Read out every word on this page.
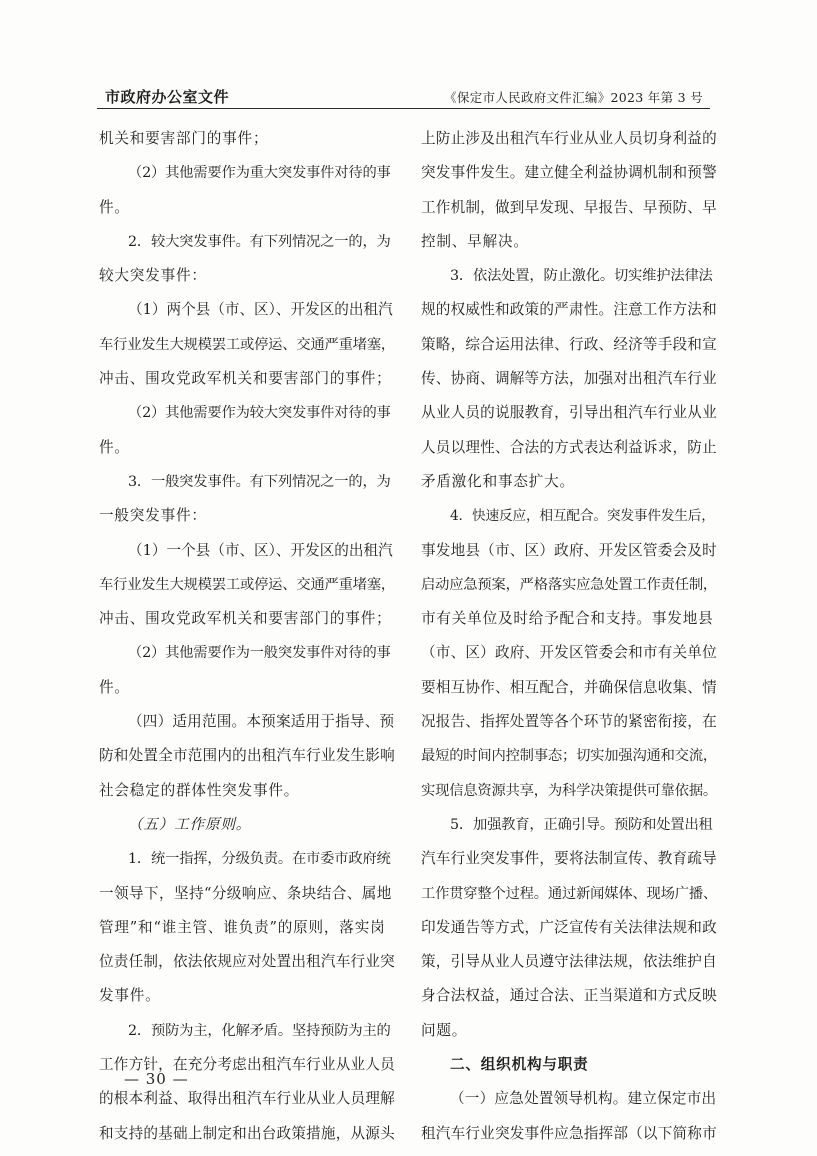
市政府办公室文件	《保定市人民政府文件汇编》2023 年第 3 号
机关和要害部门的事件；
（2）其他需要作为重大突发事件对待的事
件。
2．较大突发事件。有下列情况之一的，为
较大突发事件：
（1）两个县（市、区）、开发区的出租汽
车行业发生大规模罢工或停运、交通严重堵塞，
冲击、围攻党政军机关和要害部门的事件；
（2）其他需要作为较大突发事件对待的事
件。
3．一般突发事件。有下列情况之一的，为
一般突发事件：
（1）一个县（市、区）、开发区的出租汽
车行业发生大规模罢工或停运、交通严重堵塞，
冲击、围攻党政军机关和要害部门的事件；
（2）其他需要作为一般突发事件对待的事
件。
（四）适用范围。本预案适用于指导、预
防和处置全市范围内的出租汽车行业发生影响
社会稳定的群体性突发事件。
（五）工作原则。
1．统一指挥，分级负责。在市委市政府统
一领导下，坚持“分级响应、条块结合、属地
管理”和“谁主管、谁负责”的原则，落实岗
位责任制，依法依规应对处置出租汽车行业突
发事件。
2．预防为主，化解矛盾。坚持预防为主的
工作方针，在充分考虑出租汽车行业从业人员
的根本利益、取得出租汽车行业从业人员理解
和支持的基础上制定和出台政策措施，从源头
上防止涉及出租汽车行业从业人员切身利益的
突发事件发生。建立健全利益协调机制和预警
工作机制，做到早发现、早报告、早预防、早
控制、早解决。
3．依法处置，防止激化。切实维护法律法
规的权威性和政策的严肃性。注意工作方法和
策略，综合运用法律、行政、经济等手段和宣
传、协商、调解等方法，加强对出租汽车行业
从业人员的说服教育，引导出租汽车行业从业
人员以理性、合法的方式表达利益诉求，防止
矛盾激化和事态扩大。
4．快速反应，相互配合。突发事件发生后，
事发地县（市、区）政府、开发区管委会及时
启动应急预案，严格落实应急处置工作责任制，
市有关单位及时给予配合和支持。事发地县
（市、区）政府、开发区管委会和市有关单位
要相互协作、相互配合，并确保信息收集、情
况报告、指挥处置等各个环节的紧密衔接，在
最短的时间内控制事态；切实加强沟通和交流，
实现信息资源共享，为科学决策提供可靠依据。
5．加强教育，正确引导。预防和处置出租
汽车行业突发事件，要将法制宣传、教育疏导
工作贯穿整个过程。通过新闻媒体、现场广播、
印发通告等方式，广泛宣传有关法律法规和政
策，引导从业人员遵守法律法规，依法维护自
身合法权益，通过合法、正当渠道和方式反映
问题。
二、组织机构与职责
（一）应急处置领导机构。建立保定市出
租汽车行业突发事件应急指挥部（以下简称市
— 30 —
